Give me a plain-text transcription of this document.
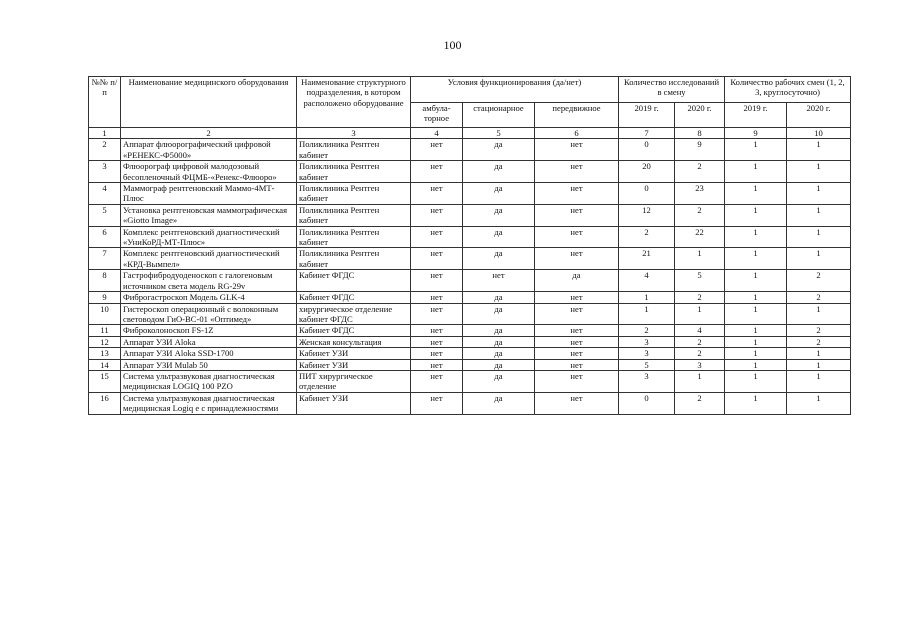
100
№№ п/п	Наименование медицинского оборудования	Наименование структурного подразделения, в котором расположено оборудование	Условия функционирования (да/нет)			Количество исследований в смену		Количество рабочих смен (1, 2, 3, круглосуточно)	
			амбула- торное	стационарное	передвижное	2019 г.	2020 г.	2019 г.	2020 г.
1	2	3	4	5	6	7	8	9	10
2	Аппарат флюорографический цифровой «РЕНЕКС-Ф5000»	Поликлиника Рентген кабинет	нет	да	нет	0	9	1	1
3	Флюорограф цифровой малодозовый бесопленочный ФЦМБ-«Ренекс-Флюоро»	Поликлиника Рентген кабинет	нет	да	нет	20	2	1	1
4	Маммограф рентгеновский Маммо-4МТ-Плюс	Поликлиника Рентген кабинет	нет	да	нет	0	23	1	1
5	Установка рентгеновская маммографическая «Giotto Image»	Поликлиника Рентген кабинет	нет	да	нет	12	2	1	1
6	Комплекс рентгеновский диагностический «УниКоРД-МТ-Плюс»	Поликлиника Рентген кабинет	нет	да	нет	2	22	1	1
7	Комплекс рентгеновский диагностический «КРД-Вымпел»	Поликлиника Рентген кабинет	нет	да	нет	21	1	1	1
8	Гастрофибродуоденоскоп с галогеновым источником света модель RG-29v	Кабинет ФГДС	нет	нет	да	4	5	1	2
9	Фиброгастроскоп Модель GLK-4	Кабинет ФГДС	нет	да	нет	1	2	1	2
10	Гистероскоп операционный с волоконным световодом ГиО-ВС-01 «Оптимед»	хирургическое отделение кабинет ФГДС	нет	да	нет	1	1	1	1
11	Фиброколоноскоп FS-1Z	Кабинет ФГДС	нет	да	нет	2	4	1	2
12	Аппарат УЗИ Aloka	Женская консультация	нет	да	нет	3	2	1	2
13	Аппарат УЗИ Aloka SSD-1700	Кабинет УЗИ	нет	да	нет	3	2	1	1
14	Аппарат УЗИ Mulab 50	Кабинет УЗИ	нет	да	нет	5	3	1	1
15	Система ультразвуковая диагностическая медицинская LOGIQ 100 PZO	ПИТ хирургическое отделение	нет	да	нет	3	1	1	1
16	Система ультразвуковая диагностическая медицинская Logiq e с принадлежностями	Кабинет УЗИ	нет	да	нет	0	2	1	1
